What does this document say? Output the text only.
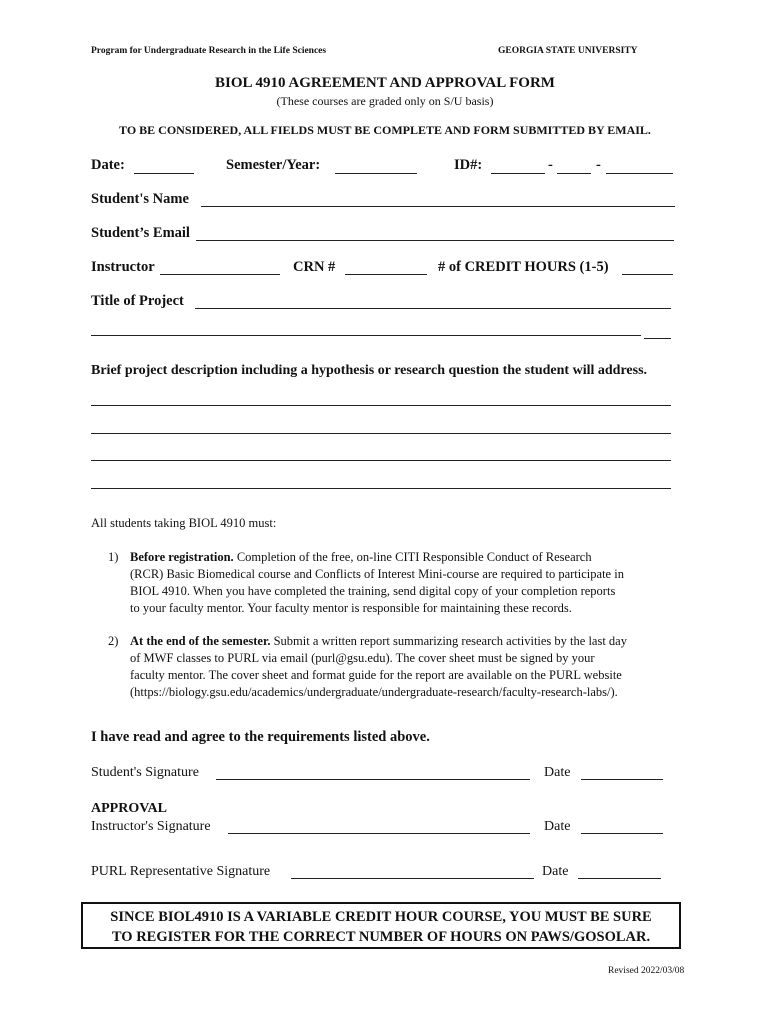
Program for Undergraduate Research in the Life Sciences	GEORGIA STATE UNIVERSITY
BIOL 4910 AGREEMENT AND APPROVAL FORM
(These courses are graded only on S/U basis)
TO BE CONSIDERED, ALL FIELDS MUST BE COMPLETE AND FORM SUBMITTED BY EMAIL.
Date:	Semester/Year:	ID#:	-	-
Student's Name
Student’s Email
Instructor	CRN #	# of CREDIT HOURS (1-5)
Title of Project
Brief project description including a hypothesis or research question the student will address.
All students taking BIOL 4910 must:
1) Before registration. Completion of the free, on-line CITI Responsible Conduct of Research
(RCR) Basic Biomedical course and Conflicts of Interest Mini-course are required to participate in
BIOL 4910. When you have completed the training, send digital copy of your completion reports
to your faculty mentor. Your faculty mentor is responsible for maintaining these records.
2) At the end of the semester. Submit a written report summarizing research activities by the last day
of MWF classes to PURL via email (purl@gsu.edu). The cover sheet must be signed by your
faculty mentor. The cover sheet and format guide for the report are available on the PURL website
(https://biology.gsu.edu/academics/undergraduate/undergraduate-research/faculty-research-labs/).
I have read and agree to the requirements listed above.
Student's Signature	Date
APPROVAL
Instructor's Signature	Date
PURL Representative Signature	Date
SINCE BIOL4910 IS A VARIABLE CREDIT HOUR COURSE, YOU MUST BE SURE
TO REGISTER FOR THE CORRECT NUMBER OF HOURS ON PAWS/GOSOLAR.
Revised 2022/03/08
